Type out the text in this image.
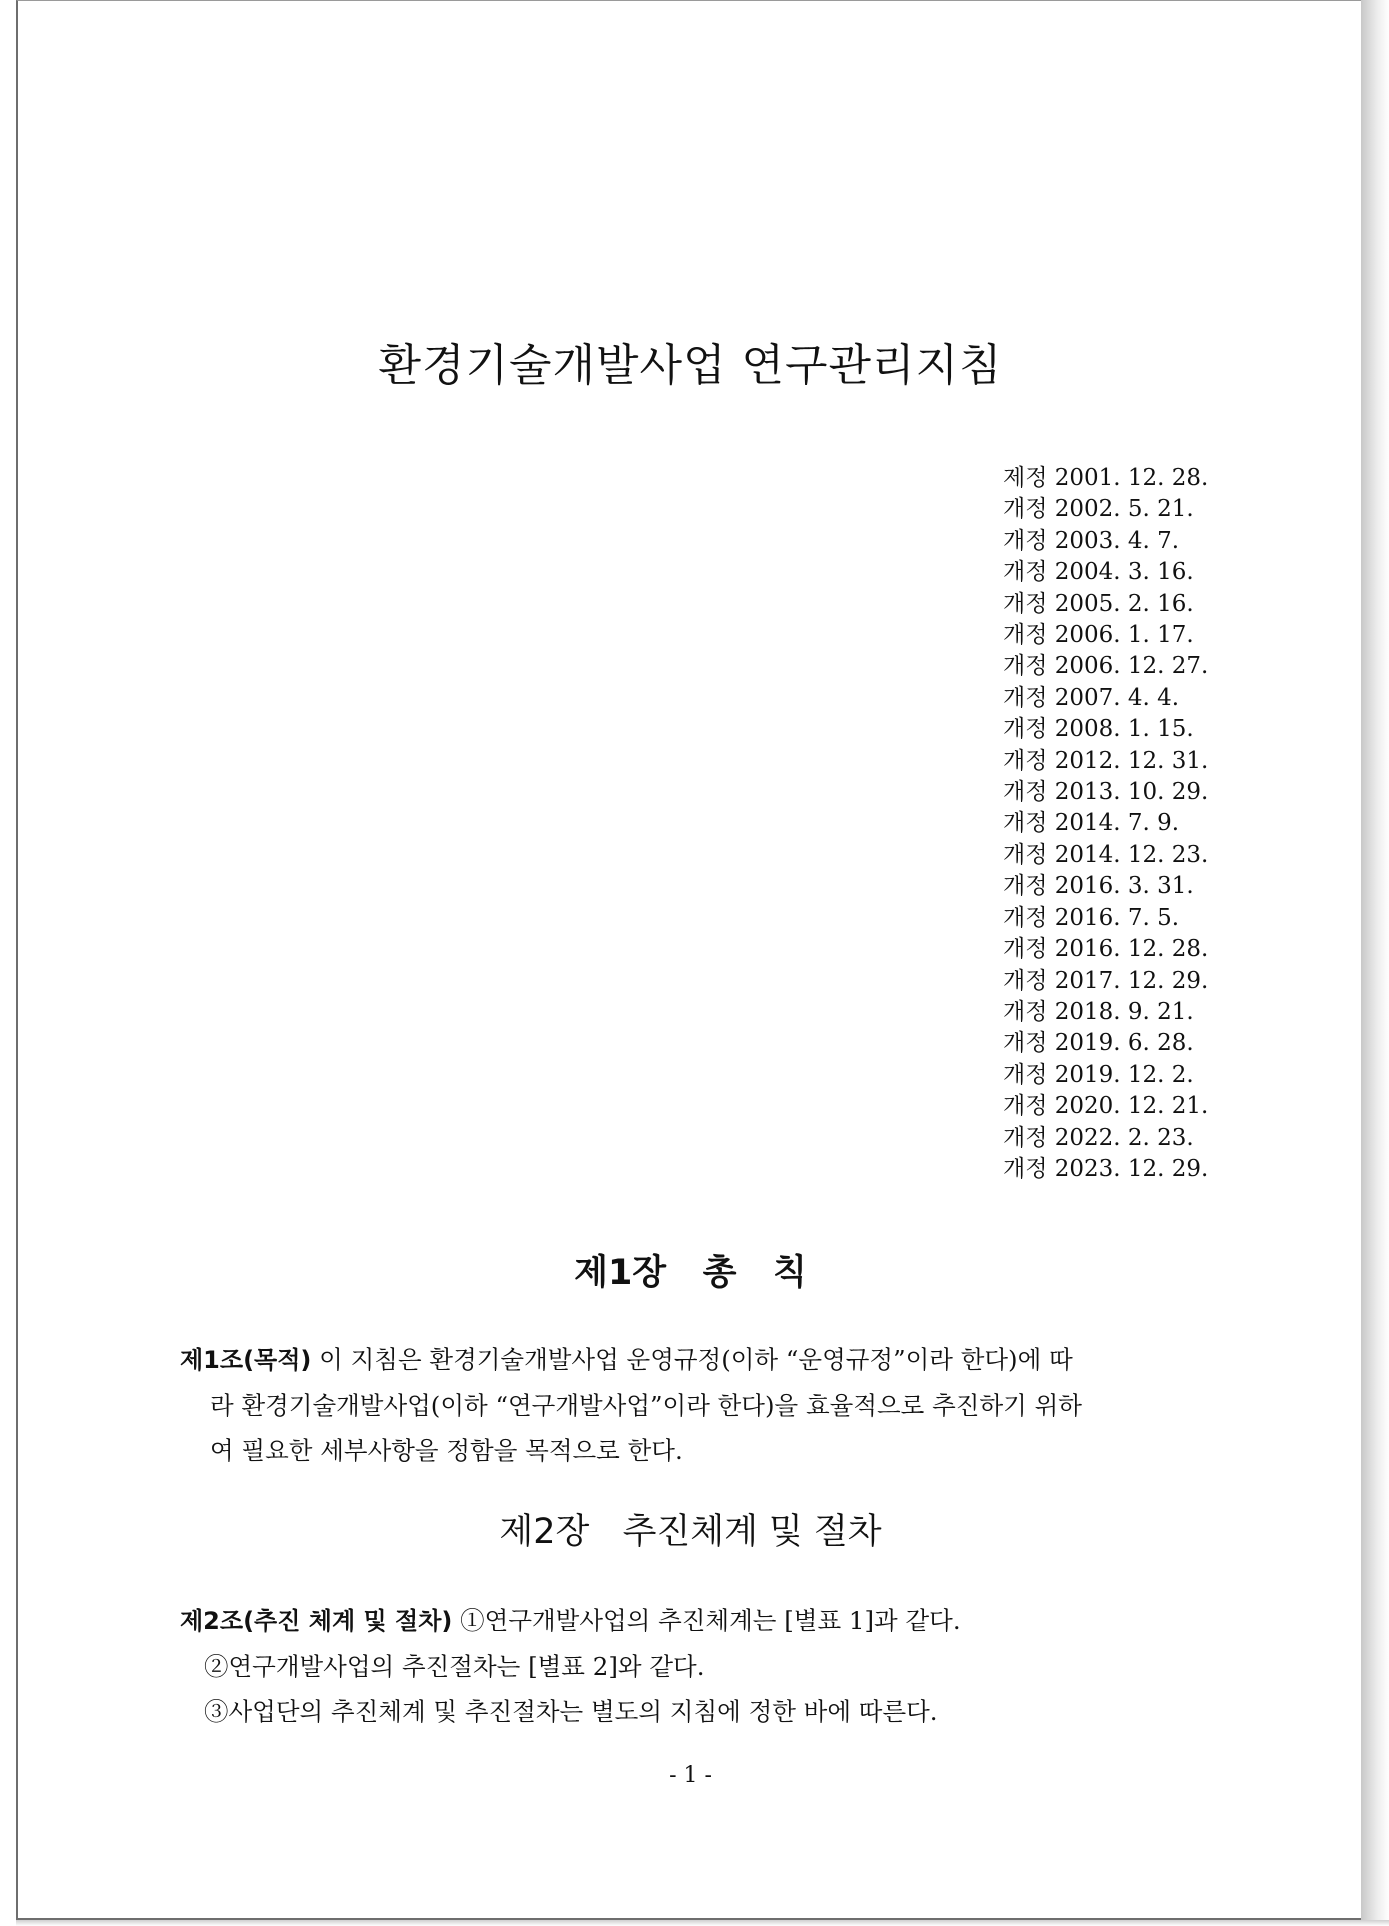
환경기술개발사업 연구관리지침
제정 2001. 12. 28.
개정 2002. 5. 21.
개정 2003. 4. 7.
개정 2004. 3. 16.
개정 2005. 2. 16.
개정 2006. 1. 17.
개정 2006. 12. 27.
개정 2007. 4. 4.
개정 2008. 1. 15.
개정 2012. 12. 31.
개정 2013. 10. 29.
개정 2014. 7. 9.
개정 2014. 12. 23.
개정 2016. 3. 31.
개정 2016. 7. 5.
개정 2016. 12. 28.
개정 2017. 12. 29.
개정 2018. 9. 21.
개정 2019. 6. 28.
개정 2019. 12. 2.
개정 2020. 12. 21.
개정 2022. 2. 23.
개정 2023. 12. 29.
제1장   총   칙

제1조(목적) 이 지침은 환경기술개발사업 운영규정(이하 “운영규정”이라 한다)에 따

라 환경기술개발사업(이하 “연구개발사업”이라 한다)을 효율적으로 추진하기 위하

여 필요한 세부사항을 정함을 목적으로 한다.

제2장   추진체계 및 절차

제2조(추진 체계 및 절차) ①연구개발사업의 추진체계는 [별표 1]과 같다.

②연구개발사업의 추진절차는 [별표 2]와 같다.

③사업단의 추진체계 및 추진절차는 별도의 지침에 정한 바에 따른다.

- 1 -
